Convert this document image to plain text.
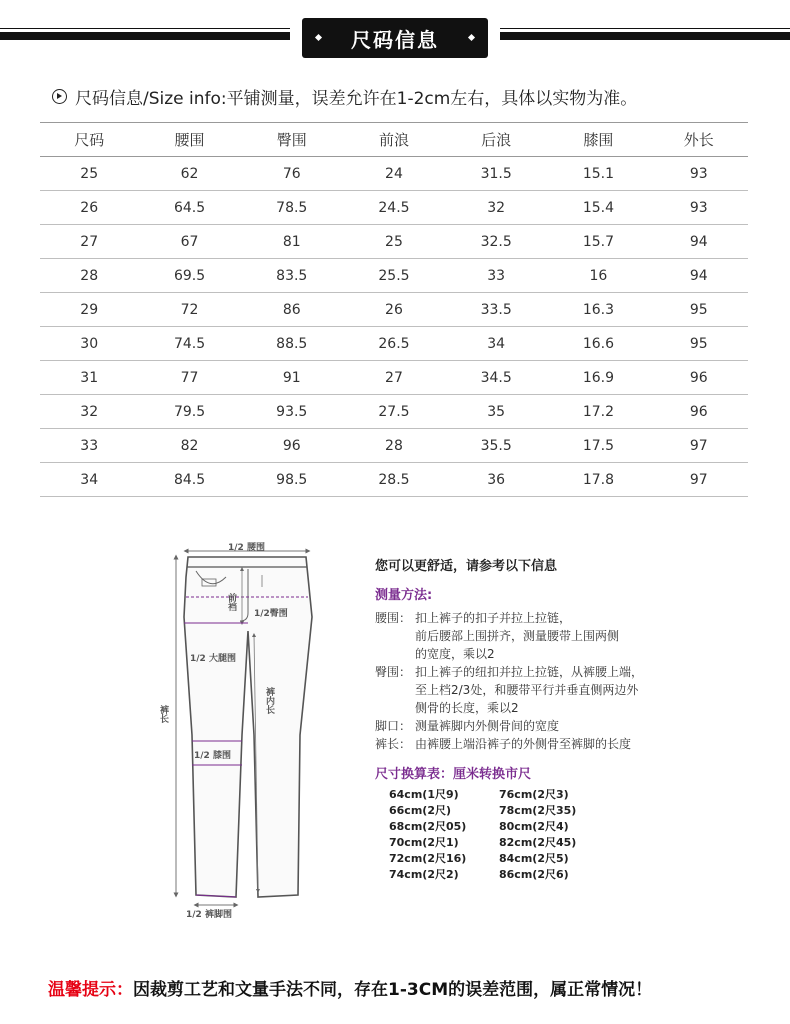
尺码信息
尺码信息/Size info:平铺测量，误差允许在1-2cm左右，具体以实物为准。
尺码	腰围	臀围	前浪	后浪	膝围	外长
25	62	76	24	31.5	15.1	93
26	64.5	78.5	24.5	32	15.4	93
27	67	81	25	32.5	15.7	94
28	69.5	83.5	25.5	33	16	94
29	72	86	26	33.5	16.3	95
30	74.5	88.5	26.5	34	16.6	95
31	77	91	27	34.5	16.9	96
32	79.5	93.5	27.5	35	17.2	96
33	82	96	28	35.5	17.5	97
34	84.5	98.5	28.5	36	17.8	97
1/2 腰围
前裆
1/2臀围
1/2 大腿围
裤内长
裤长
1/2 膝围
1/2 裤脚围

您可以更舒适，请参考以下信息

测量方法:
腰围： 扣上裤子的扣子并拉上拉链，
前后腰部上围拼齐，测量腰带上围两侧
的宽度，乘以2
臀围： 扣上裤子的纽扣并拉上拉链，从裤腰上端，
至上档2/3处，和腰带平行并垂直侧两边外
侧骨的长度，乘以2
脚口： 测量裤脚内外侧骨间的宽度
裤长： 由裤腰上端沿裤子的外侧骨至裤脚的长度
尺寸换算表：厘米转换市尺
64cm(1尺9)	76cm(2尺3)
66cm(2尺)	78cm(2尺35)
68cm(2尺05)	80cm(2尺4)
70cm(2尺1)	82cm(2尺45)
72cm(2尺16)	84cm(2尺5)
74cm(2尺2)	86cm(2尺6)
温馨提示：因裁剪工艺和文量手法不同，存在1-3CM的误差范围，属正常情况！
